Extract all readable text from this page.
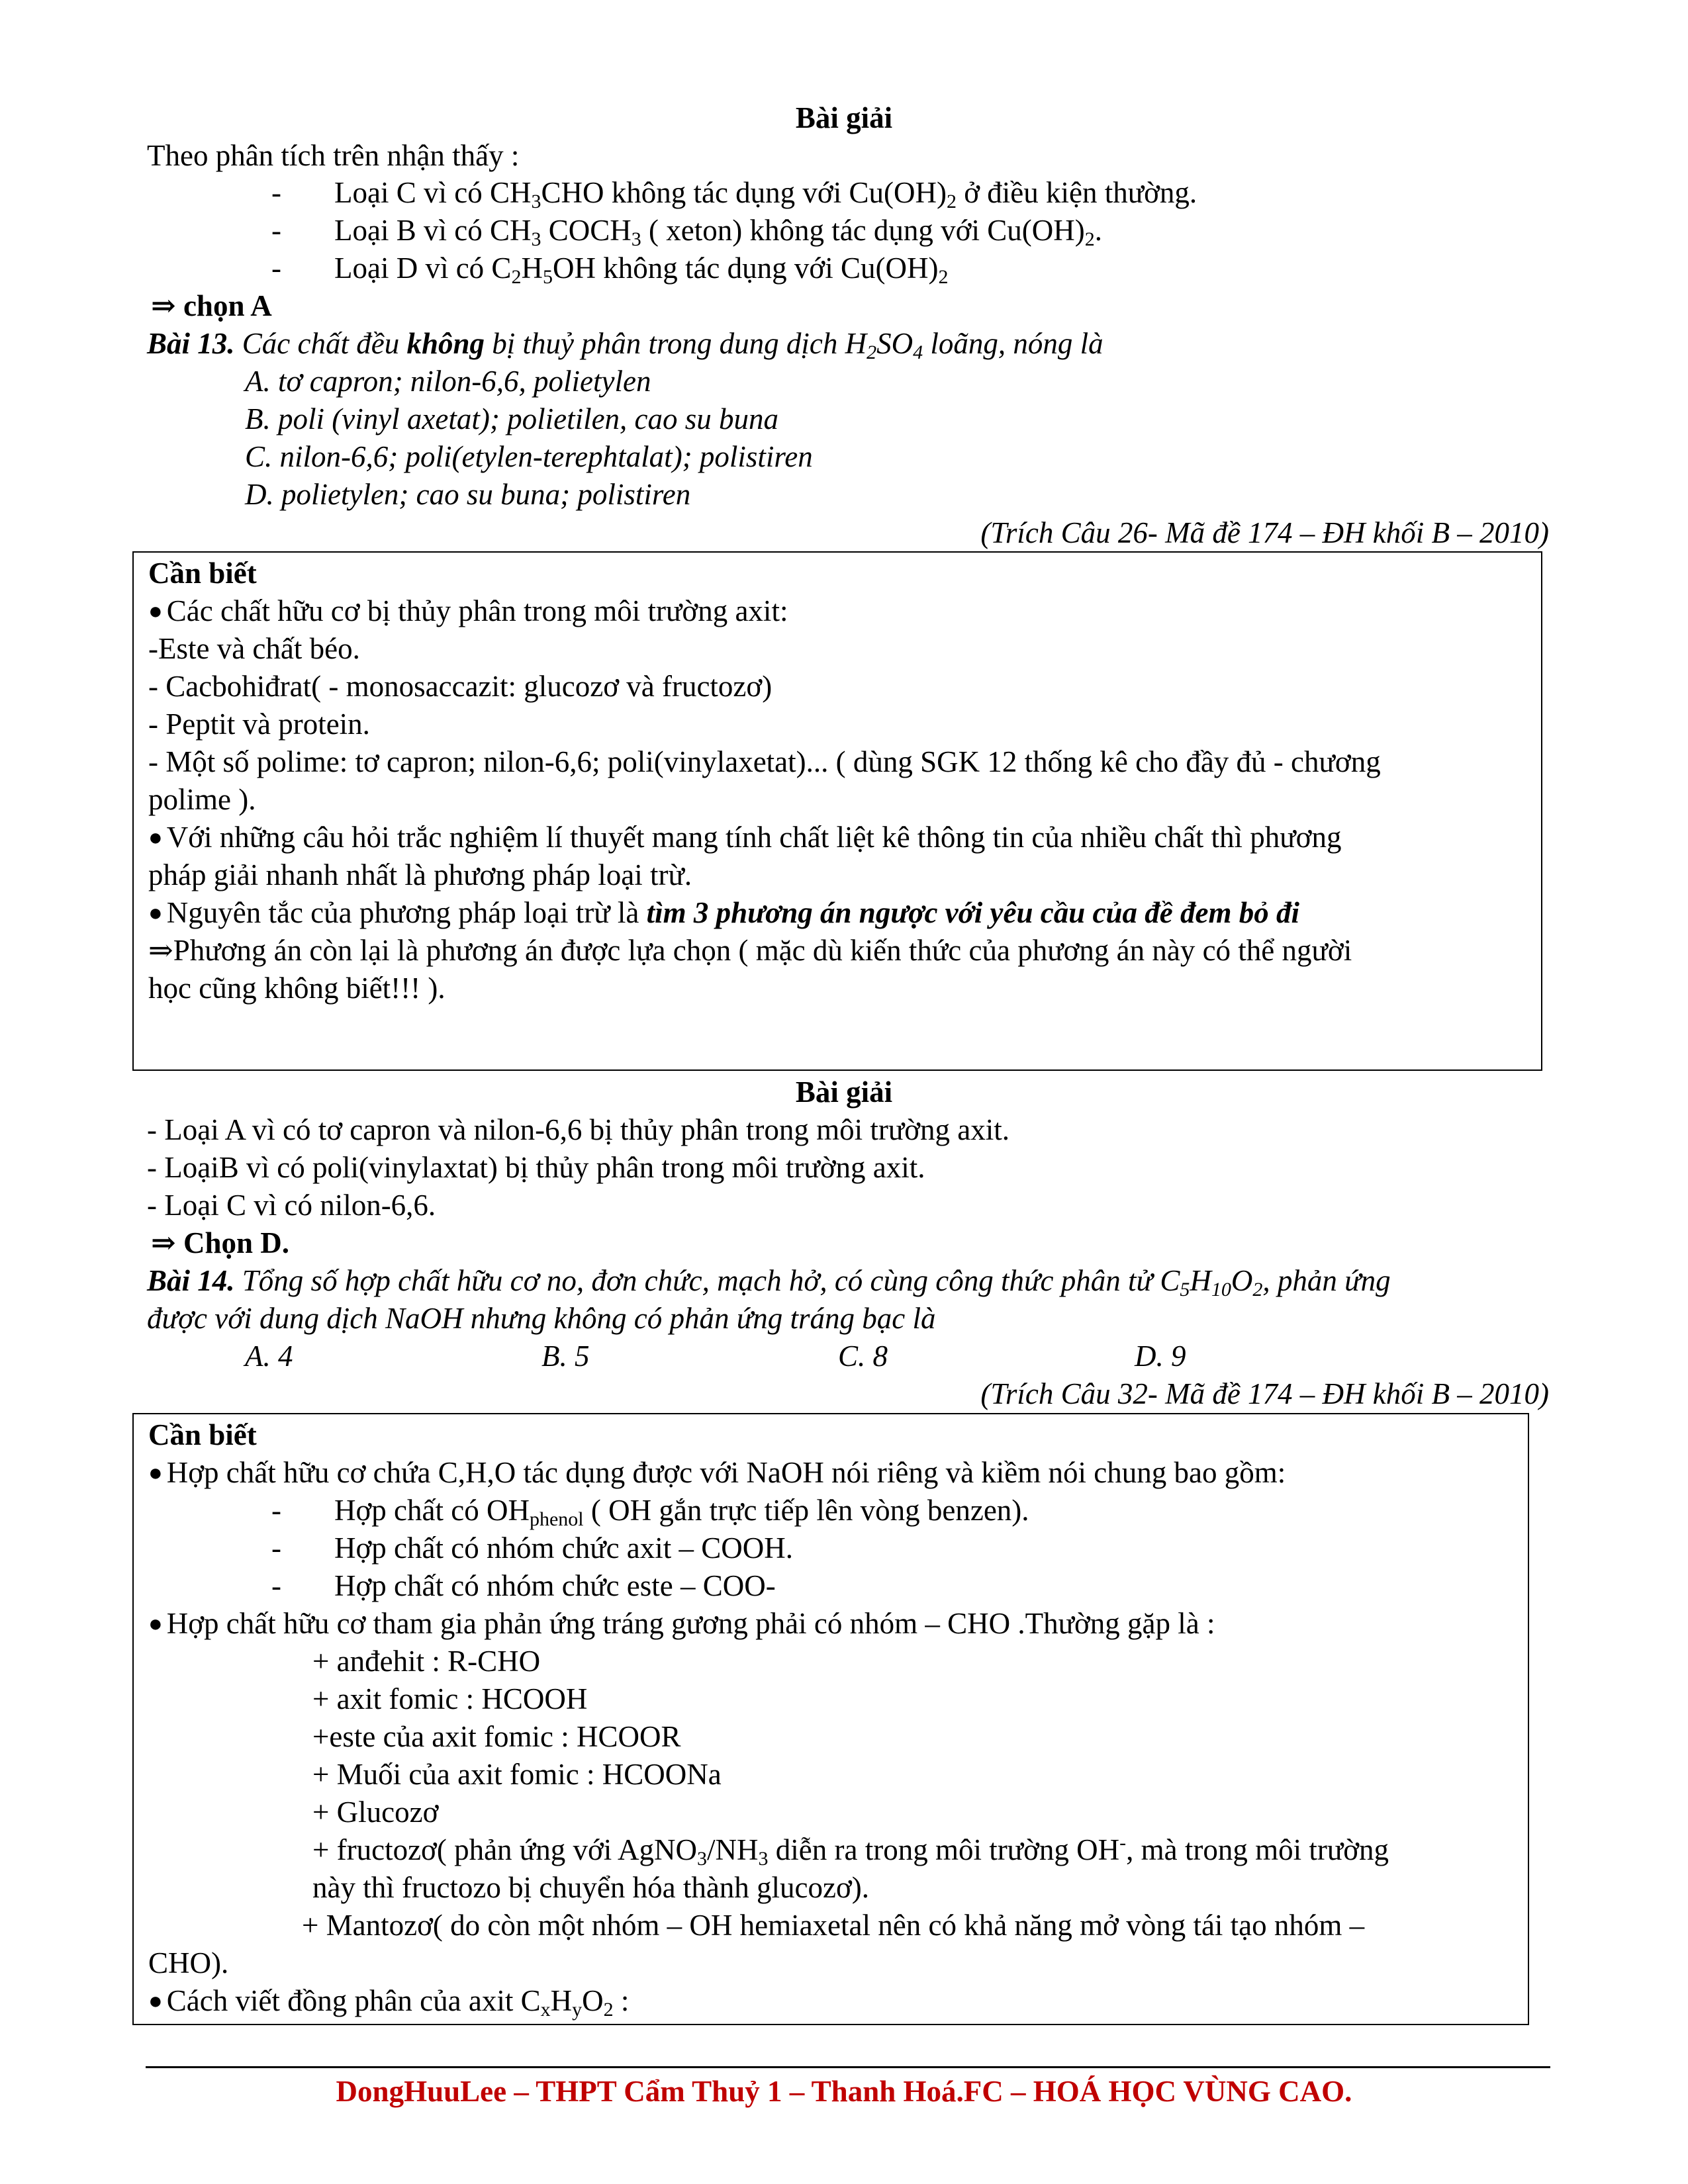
Bài giải
Theo phân tích trên nhận thấy :
- Loại C vì có $CH_3CHO$ không tác dụng với $Cu(OH)_2$ ở điều kiện thường.
- Loại B vì có $CH_3$ $COCH_3$ ( xeton) không tác dụng với $Cu(OH)_2$.
- Loại D vì có $C_2H_5OH$ không tác dụng với $Cu(OH)_2$
⇒ chọn A
Bài 13. Các chất đều không bị thuỷ phân trong dung dịch $H_2SO_4$ loãng, nóng là
A. tơ capron; nilon-6,6, polietylen
B. poli (vinyl axetat); polietilen, cao su buna
C. nilon-6,6; poli(etylen-terephtalat); polistiren
D. polietylen; cao su buna; polistiren
(Trích Câu 26- Mã đề 174 – ĐH khối B – 2010)
Cần biết
● Các chất hữu cơ bị thủy phân trong môi trường axit:
-Este và chất béo.
- Cacbohiđrat( - monosaccazit: glucozơ và fructozơ)
- Peptit và protein.
- Một số polime: tơ capron; nilon-6,6; poli(vinylaxetat)... ( dùng SGK 12 thống kê cho đầy đủ - chương
polime ).
● Với những câu hỏi trắc nghiệm lí thuyết mang tính chất liệt kê thông tin của nhiều chất thì phương
pháp giải nhanh nhất là phương pháp loại trừ.
● Nguyên tắc của phương pháp loại trừ là tìm 3 phương án ngược với yêu cầu của đề đem bỏ đi
⇒Phương án còn lại là phương án được lựa chọn ( mặc dù kiến thức của phương án này có thể người
học cũng không biết!!! ).
Bài giải
- Loại A vì có tơ capron và nilon-6,6 bị thủy phân trong môi trường axit.
- LoạiB vì có poli(vinylaxtat) bị thủy phân trong môi trường axit.
- Loại C vì có nilon-6,6.
⇒ Chọn D.
Bài 14. Tổng số hợp chất hữu cơ no, đơn chức, mạch hở, có cùng công thức phân tử $C_5H_{10}O_2$, phản ứng
được với dung dịch NaOH nhưng không có phản ứng tráng bạc là
A. 4	B. 5	C. 8	D. 9
(Trích Câu 32- Mã đề 174 – ĐH khối B – 2010)
Cần biết
● Hợp chất hữu cơ chứa C,H,O tác dụng được với NaOH nói riêng và kiềm nói chung bao gồm:
- Hợp chất có $OH_{phenol}$ ( OH gắn trực tiếp lên vòng benzen).
- Hợp chất có nhóm chức axit – COOH.
- Hợp chất có nhóm chức este – COO-
● Hợp chất hữu cơ tham gia phản ứng tráng gương phải có nhóm – CHO .Thường gặp là :
+ anđehit : R-CHO
+ axit fomic : HCOOH
+este của axit fomic : HCOOR
+ Muối của axit fomic : HCOONa
+ Glucozơ
+ fructozơ( phản ứng với $AgNO_3/NH_3$ diễn ra trong môi trường OH-, mà trong môi trường
này thì fructozo bị chuyển hóa thành glucozơ).
+ Mantozơ( do còn một nhóm – OH hemiaxetal nên có khả năng mở vòng tái tạo nhóm –
CHO).
● Cách viết đồng phân của axit $C_xH_yO_2$ :
DongHuuLee – THPT Cẩm Thuỷ 1 – Thanh Hoá.FC – HOÁ HỌC VÙNG CAO.
